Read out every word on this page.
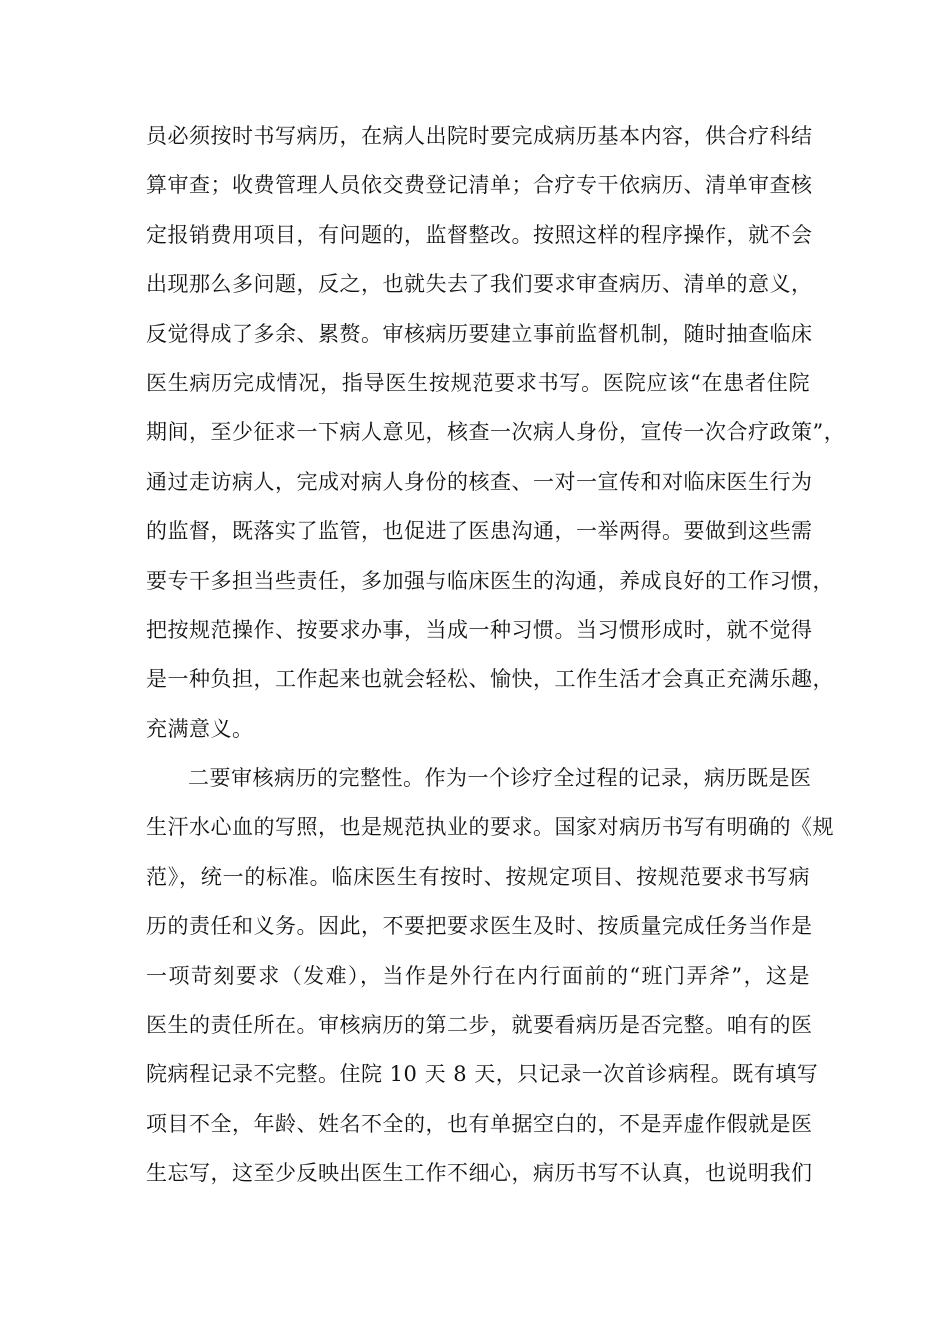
员必须按时书写病历，在病人出院时要完成病历基本内容，供合疗科结
算审查；收费管理人员依交费登记清单；合疗专干依病历、清单审查核
定报销费用项目，有问题的，监督整改。按照这样的程序操作，就不会
出现那么多问题，反之，也就失去了我们要求审查病历、清单的意义，
反觉得成了多余、累赘。审核病历要建立事前监督机制，随时抽查临床
医生病历完成情况，指导医生按规范要求书写。医院应该“在患者住院
期间，至少征求一下病人意见，核查一次病人身份，宣传一次合疗政策”，
通过走访病人，完成对病人身份的核查、一对一宣传和对临床医生行为
的监督，既落实了监管，也促进了医患沟通，一举两得。要做到这些需
要专干多担当些责任，多加强与临床医生的沟通，养成良好的工作习惯，
把按规范操作、按要求办事，当成一种习惯。当习惯形成时，就不觉得
是一种负担，工作起来也就会轻松、愉快，工作生活才会真正充满乐趣，
充满意义。
二要审核病历的完整性。作为一个诊疗全过程的记录，病历既是医
生汗水心血的写照，也是规范执业的要求。国家对病历书写有明确的《规
范》，统一的标准。临床医生有按时、按规定项目、按规范要求书写病
历的责任和义务。因此，不要把要求医生及时、按质量完成任务当作是
一项苛刻要求（发难），当作是外行在内行面前的“班门弄斧”，这是
医生的责任所在。审核病历的第二步，就要看病历是否完整。咱有的医
院病程记录不完整。住院 10 天 8 天，只记录一次首诊病程。既有填写
项目不全，年龄、姓名不全的，也有单据空白的，不是弄虚作假就是医
生忘写，这至少反映出医生工作不细心，病历书写不认真，也说明我们
